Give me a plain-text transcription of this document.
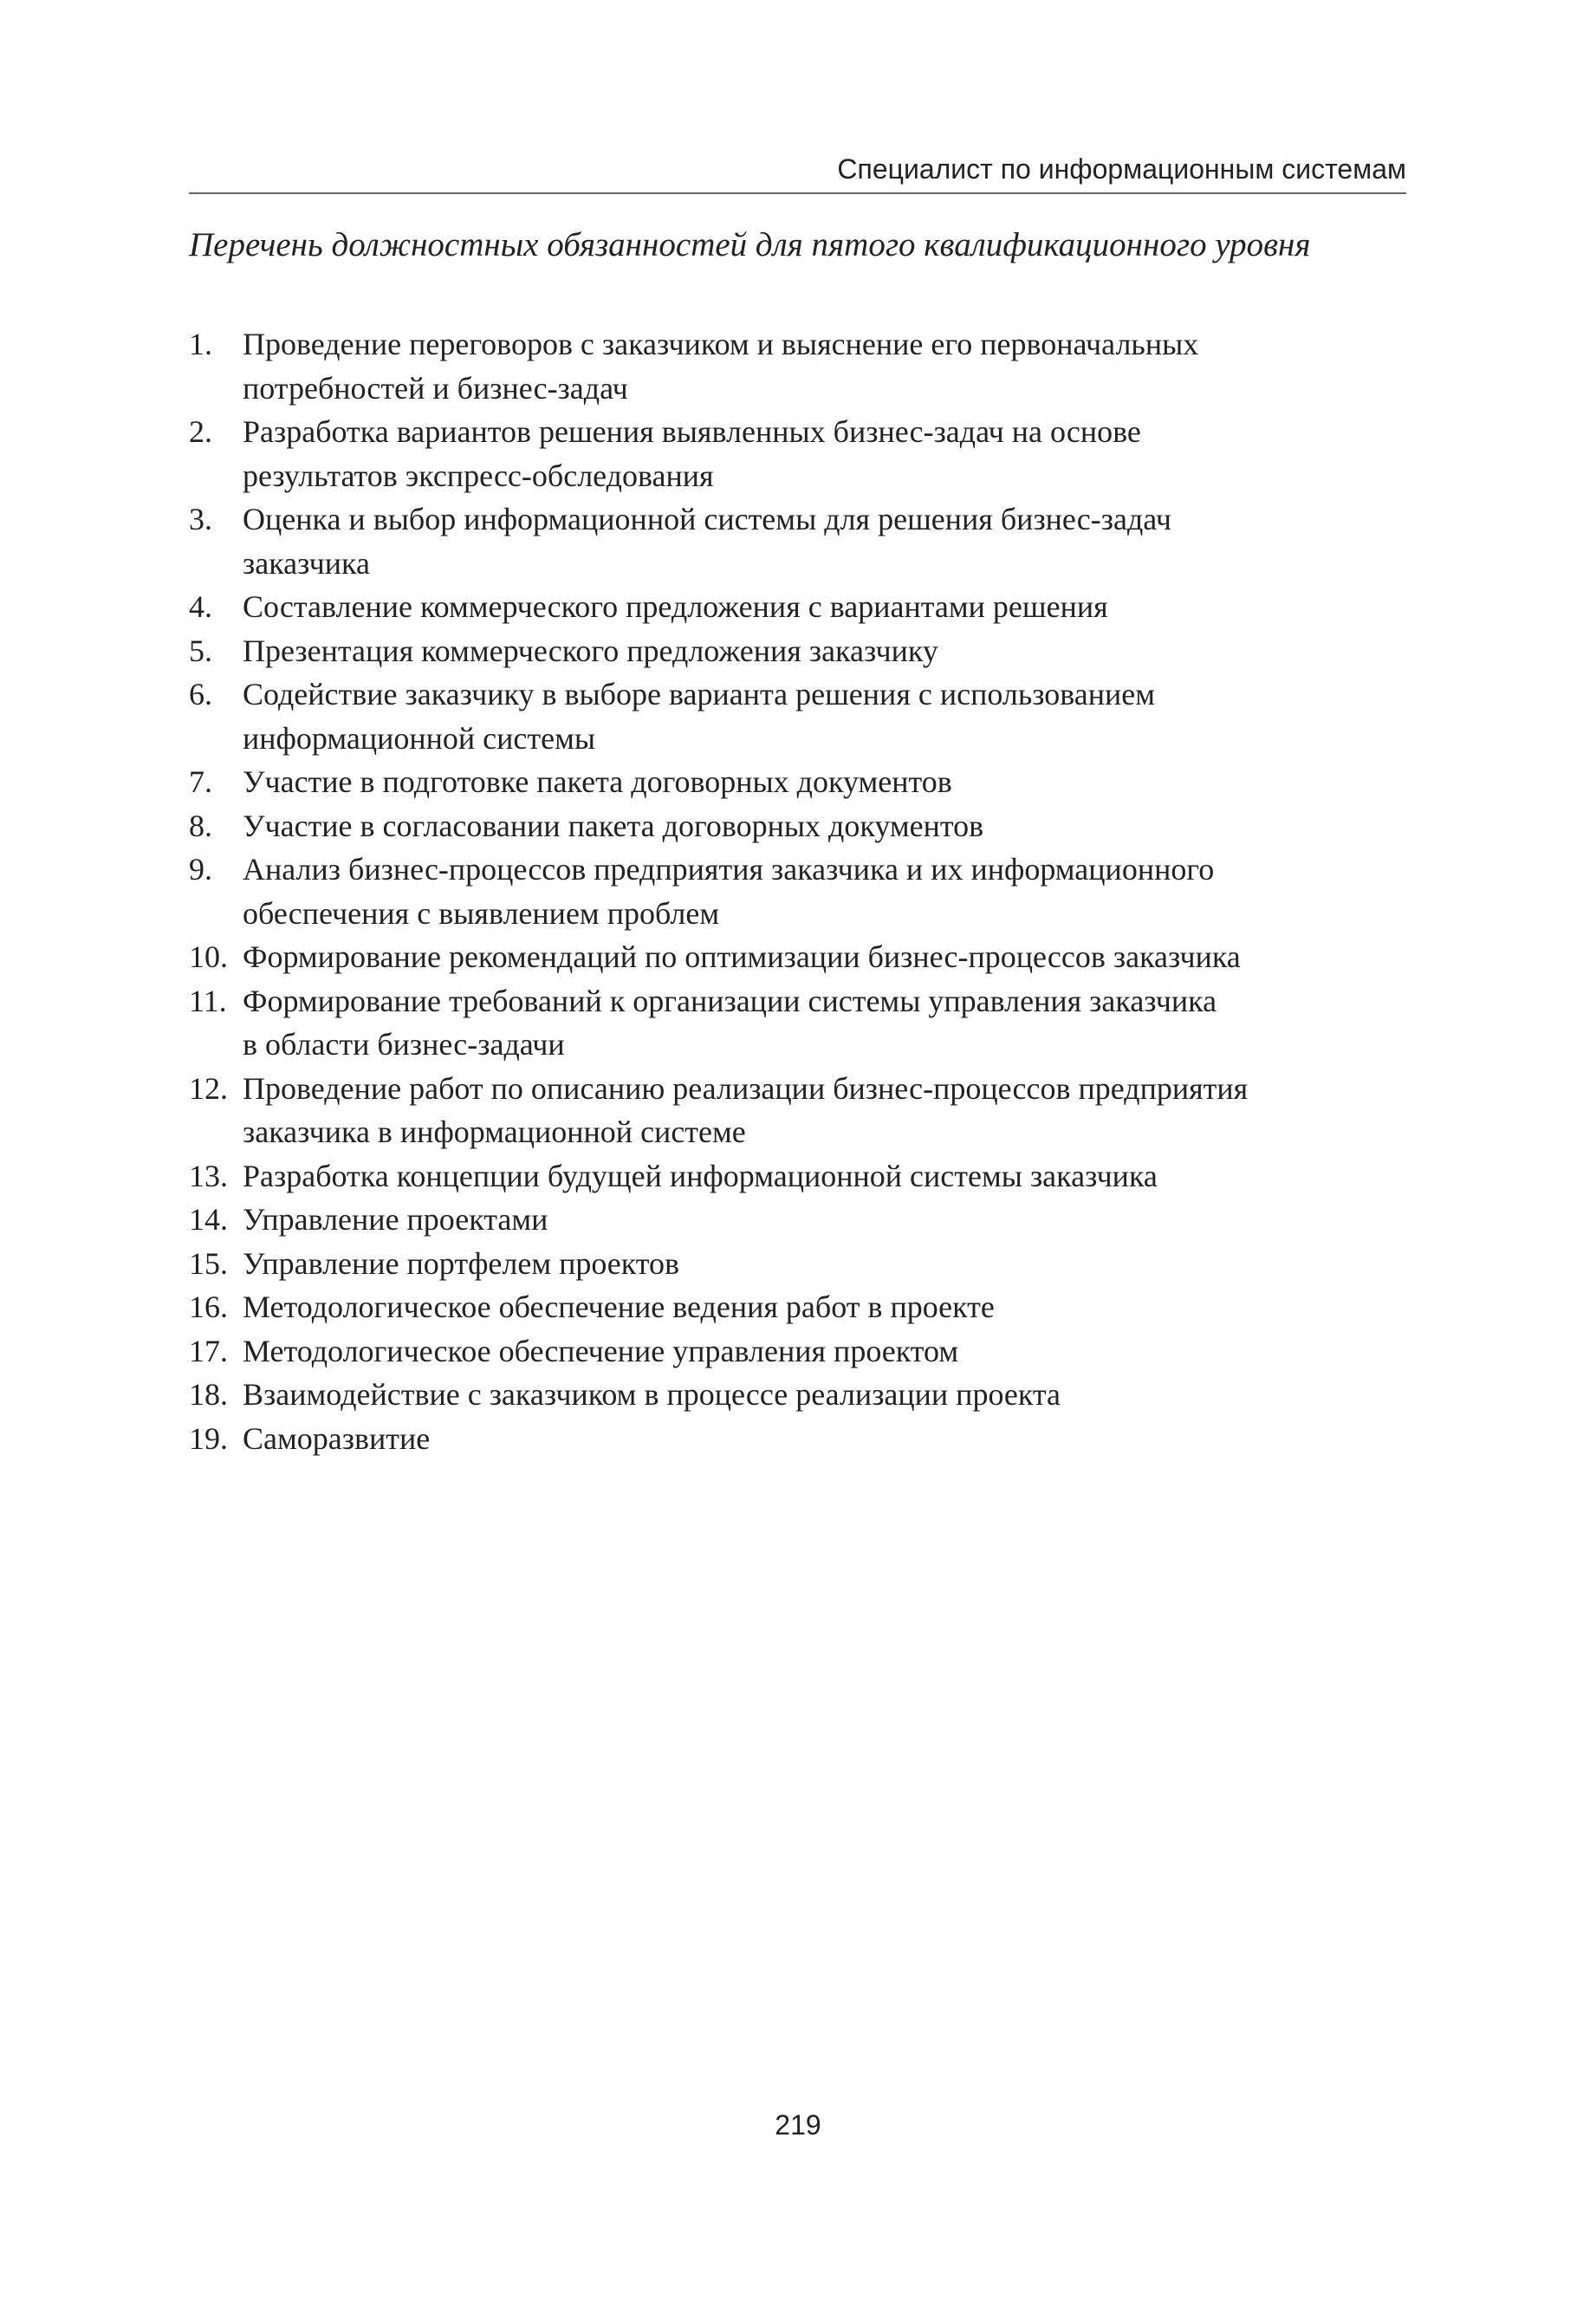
Специалист по информационным системам
Перечень должностных обязанностей для пятого квалификационного уровня
1. Проведение переговоров с заказчиком и выяснение его первоначальных
потребностей и бизнес-задач
2. Разработка вариантов решения выявленных бизнес-задач на основе
результатов экспресс-обследования
3. Оценка и выбор информационной системы для решения бизнес-задач
заказчика
4. Составление коммерческого предложения с вариантами решения
5. Презентация коммерческого предложения заказчику
6. Содействие заказчику в выборе варианта решения с использованием
информационной системы
7. Участие в подготовке пакета договорных документов
8. Участие в согласовании пакета договорных документов
9. Анализ бизнес-процессов предприятия заказчика и их информационного
обеспечения с выявлением проблем
10. Формирование рекомендаций по оптимизации бизнес-процессов заказчика
11. Формирование требований к организации системы управления заказчика
в области бизнес-задачи
12. Проведение работ по описанию реализации бизнес-процессов предприятия
заказчика в информационной системе
13. Разработка концепции будущей информационной системы заказчика
14. Управление проектами
15. Управление портфелем проектов
16. Методологическое обеспечение ведения работ в проекте
17. Методологическое обеспечение управления проектом
18. Взаимодействие с заказчиком в процессе реализации проекта
19. Саморазвитие
219
